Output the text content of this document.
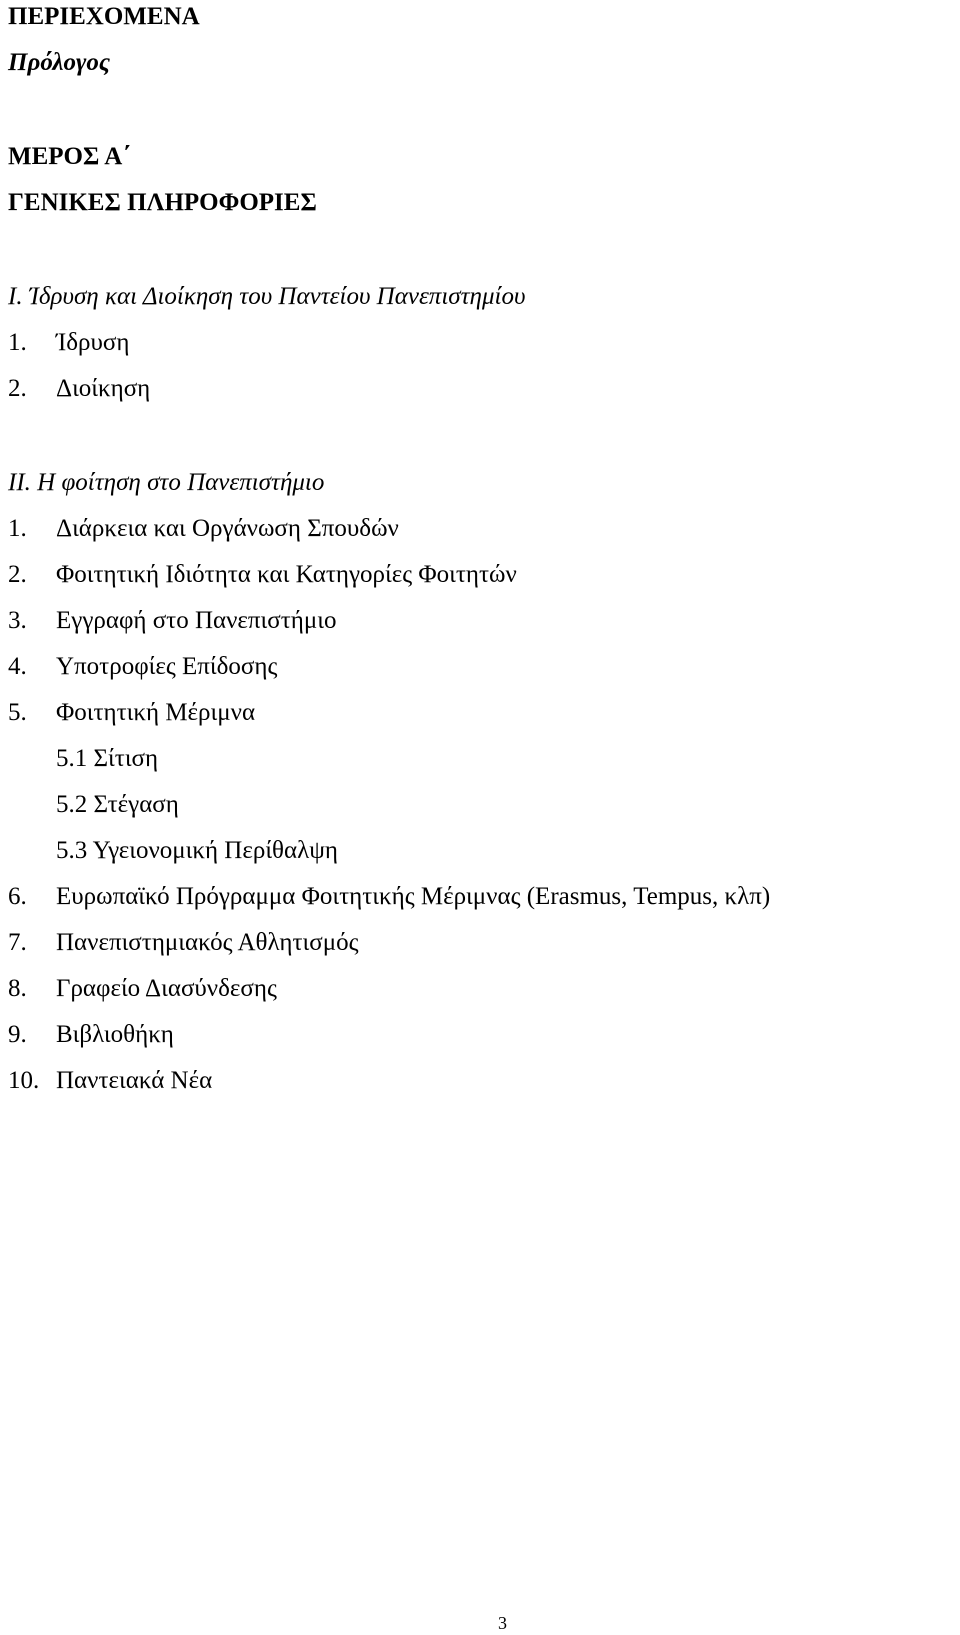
ΠΕΡΙΕΧΟΜΕΝΑ
Πρόλογος
ΜΕΡΟΣ Α΄
ΓΕΝΙΚΕΣ ΠΛΗΡΟΦΟΡΙΕΣ
Ι. Ίδρυση και Διοίκηση του Παντείου Πανεπιστημίου
1. Ίδρυση
2. Διοίκηση
ΙΙ. Η φοίτηση στο Πανεπιστήμιο
1. Διάρκεια και Οργάνωση Σπουδών
2. Φοιτητική Ιδιότητα και Κατηγορίες Φοιτητών
3. Εγγραφή στο Πανεπιστήμιο
4. Υποτροφίες Επίδοσης
5. Φοιτητική Μέριμνα
5.1 Σίτιση
5.2 Στέγαση
5.3 Υγειονομική Περίθαλψη
6. Ευρωπαϊκό Πρόγραμμα Φοιτητικής Μέριμνας (Erasmus, Tempus, κλπ)
7. Πανεπιστημιακός Αθλητισμός
8. Γραφείο Διασύνδεσης
9. Βιβλιοθήκη
10. Παντειακά Νέα
3
